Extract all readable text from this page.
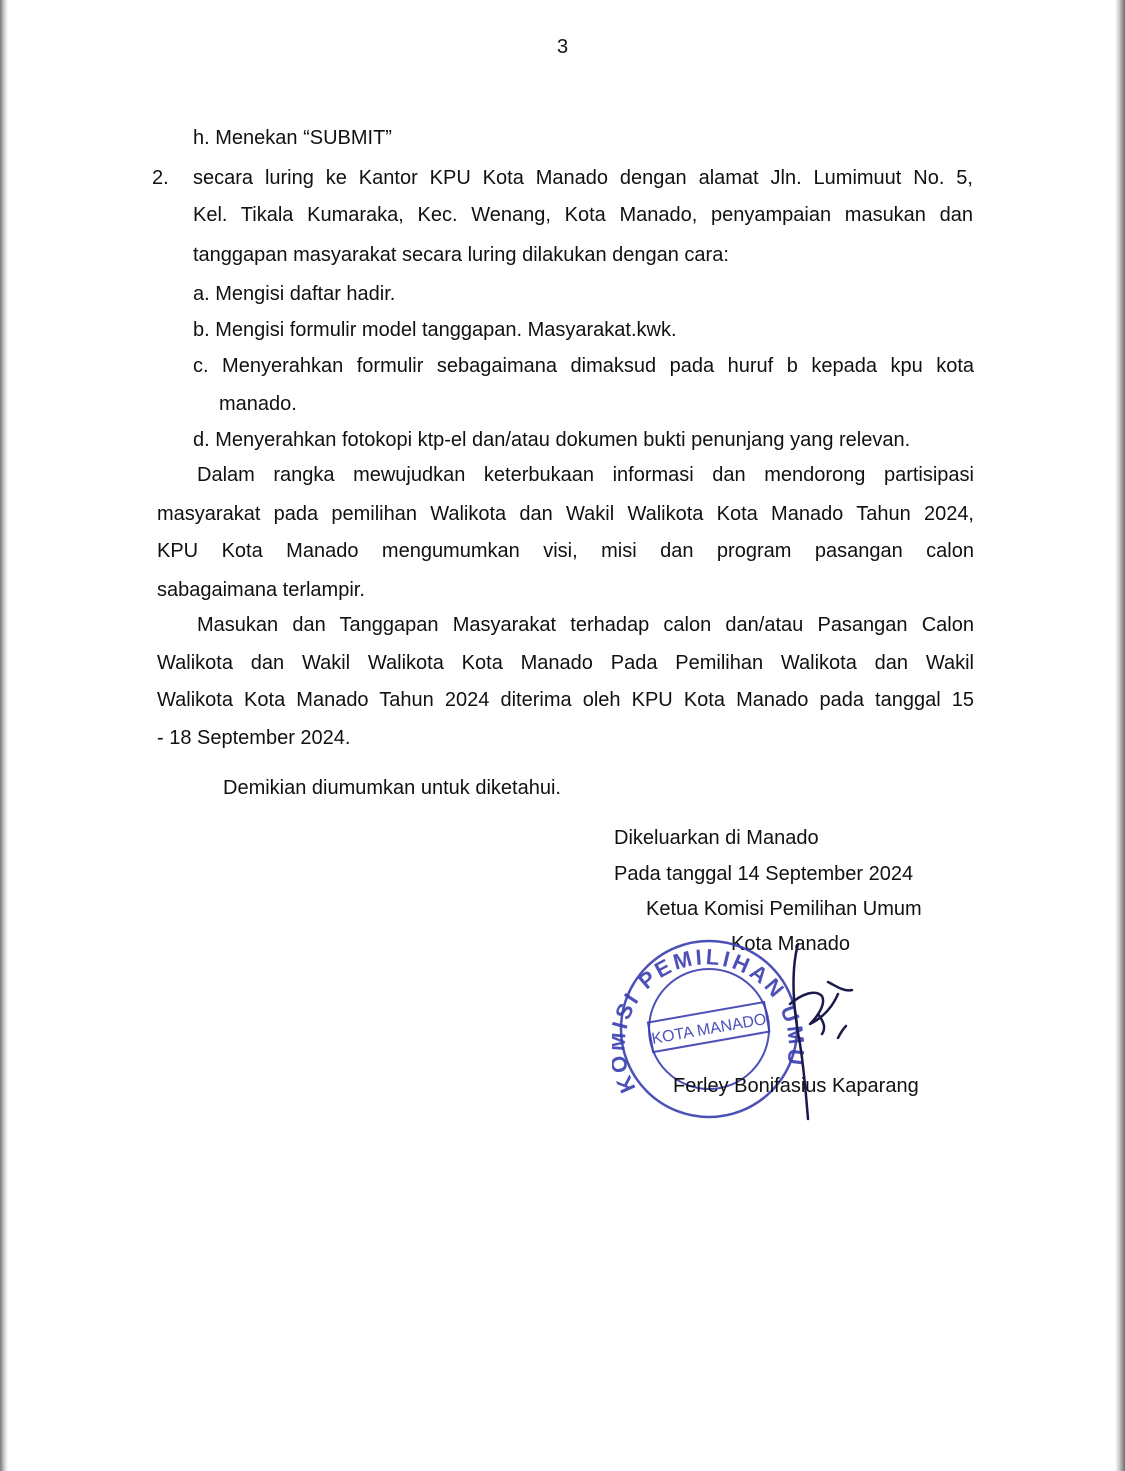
3
h. Menekan “SUBMIT”
2. secara luring ke Kantor KPU Kota Manado dengan alamat Jln. Lumimuut No. 5,
Kel. Tikala Kumaraka, Kec. Wenang, Kota Manado, penyampaian masukan dan
tanggapan masyarakat secara luring dilakukan dengan cara:
a. Mengisi daftar hadir.
b. Mengisi formulir model tanggapan. Masyarakat.kwk.
c. Menyerahkan formulir sebagaimana dimaksud pada huruf b kepada kpu kota
manado.
d. Menyerahkan fotokopi ktp-el dan/atau dokumen bukti penunjang yang relevan.
Dalam rangka mewujudkan keterbukaan informasi dan mendorong partisipasi
masyarakat pada pemilihan Walikota dan Wakil Walikota Kota Manado Tahun 2024,
KPU Kota Manado mengumumkan visi, misi dan program pasangan calon
sabagaimana terlampir.
Masukan dan Tanggapan Masyarakat terhadap calon dan/atau Pasangan Calon
Walikota dan Wakil Walikota Kota Manado Pada Pemilihan Walikota dan Wakil
Walikota Kota Manado Tahun 2024 diterima oleh KPU Kota Manado pada tanggal 15
- 18 September 2024.
Demikian diumumkan untuk diketahui.
Dikeluarkan di Manado
Pada tanggal 14 September 2024
Ketua Komisi Pemilihan Umum
Kota Manado
K SI PEMILIHAN UMU
KOTA MANADO
Ferley Bonifasius Kaparang
